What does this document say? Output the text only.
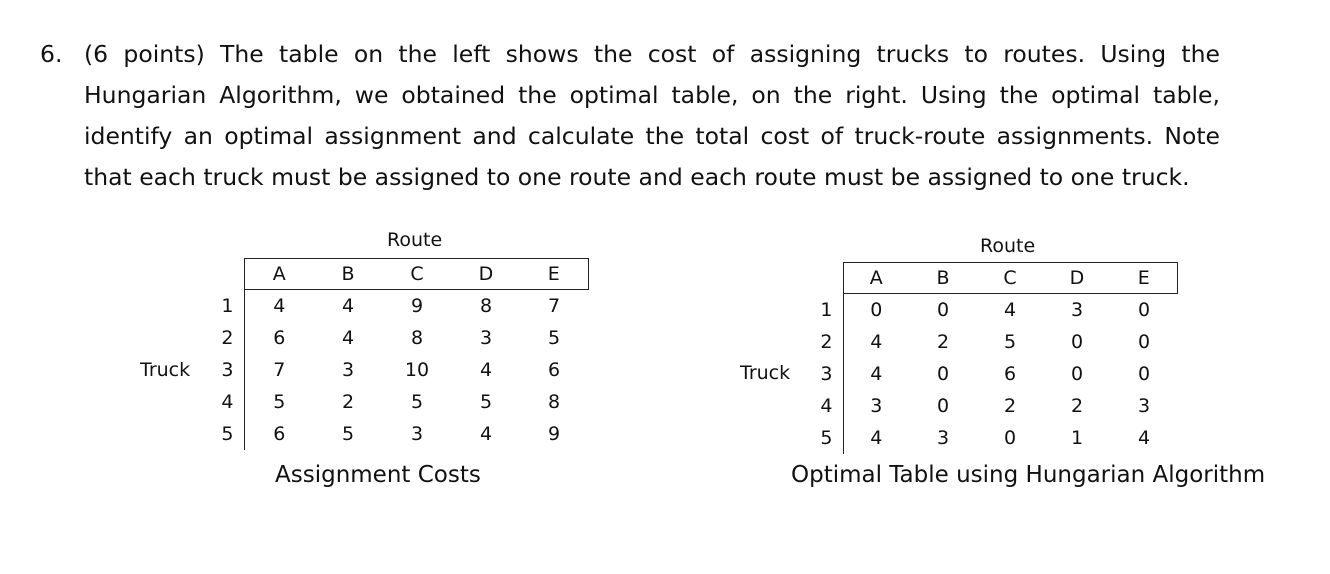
6. (6 points) The table on the left shows the cost of assigning trucks to routes. Using the Hungarian Algorithm, we obtained the optimal table, on the right. Using the optimal table, identify an optimal assignment and calculate the total cost of truck-route assignments. Note that each truck must be assigned to one route and each route must be assigned to one truck.
Route
Truck
	A	B	C	D	E
1	4	4	9	8	7
2	6	4	8	3	5
3	7	3	10	4	6
4	5	2	5	5	8
5	6	5	3	4	9
Assignment Costs
Route
Truck
	A	B	C	D	E
1	0	0	4	3	0
2	4	2	5	0	0
3	4	0	6	0	0
4	3	0	2	2	3
5	4	3	0	1	4
Optimal Table using Hungarian Algorithm
